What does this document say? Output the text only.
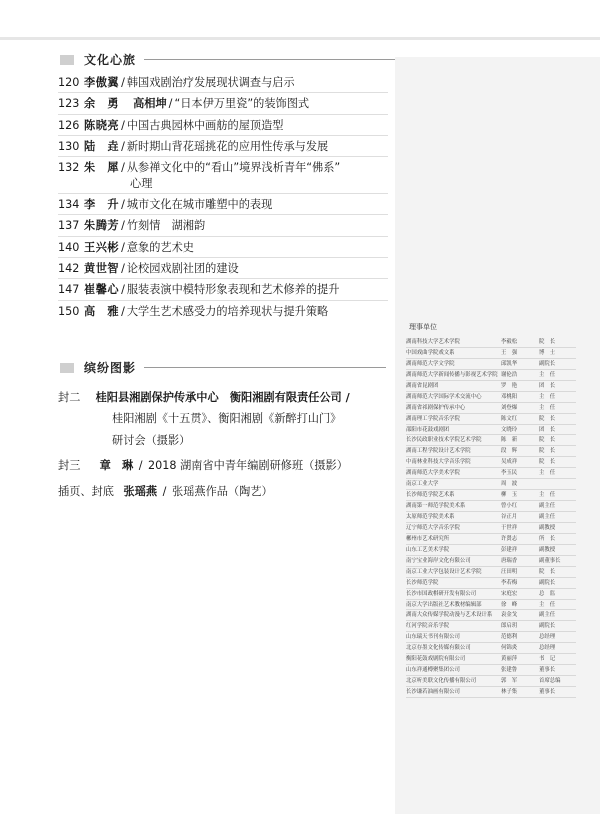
文化心旅
120 李傲翼 / 韩国戏剧治疗发展现状调查与启示
123 余　勇 高相坤 / “日本伊万里瓷”的装饰图式
126 陈晓亮 / 中国古典园林中画舫的屋顶造型
130 陆　垚 / 新时期山背花瑶挑花的应用性传承与发展
132 朱　犀 / 从参禅文化中的“看山”境界浅析青年“佛系”
心理
134 李　升 / 城市文化在城市雕塑中的表现
137 朱腾芳 / 竹刻情　湖湘韵
140 王兴彬 / 意象的艺术史
142 黄世智 / 论校园戏剧社团的建设
147 崔馨心 / 服装表演中模特形象表现和艺术修养的提升
150 高　雅 / 大学生艺术感受力的培养现状与提升策略
缤纷图影
封二 桂阳县湘剧保护传承中心　衡阳湘剧有限责任公司 /
桂阳湘剧《十五贯》、衡阳湘剧《新醉打山门》
研讨会（摄影）
封三 章　琳 / 2018 湖南省中青年编剧研修班（摄影）
插页、封底 张瑶燕 / 张瑶燕作品（陶艺）
理事单位
湖南科技大学艺术学院	李毅松	院　长
中国戏曲学院戏文系	王　强	博　士
湖南师范大学文学院	邱凯华	副院长
湖南师范大学新闻传播与影视艺术学院 谢伦浩	主　任
湖南省昆剧团	罗　艳	团　长
湖南师范大学国际学术交流中心	邓桃阳	主　任
湖南省祁剧保护传承中心	刘登爆	主　任
湖南理工学院音乐学院	陈文红	院　长
邵阳市花鼓戏剧团	文晓玲	团　长
长沙民政职业技术学院艺术学院	陈　新	院　长
湖南工程学院设计艺术学院	段　辉	院　长
中南林业科技大学音乐学院	吴成祥	院　长
湖南师范大学美术学院	李玉民	主　任
南京工业大学	周　波
长沙师范学院艺术系	柳　玉	主　任
湖南第一师范学院美术系	曾小红	副主任
太原师范学院美术系	谷正月	副主任
辽宁师范大学音乐学院	于世祥	副教授
郴州市艺术研究所	许贤志	所　长
山东工艺美术学院	彭建祥	副教授
南宁宝业海岸文化有限公司	唐瑞香	副董事长
南京工业大学包装设计艺术学院	汪田明	院　长
长沙师范学院	李若梅	副院长
长沙市国政棋研开发有限公司	宋庭宏	总　监
南京大学出版社艺术教材编辑部	徐　峰	主　任
湖南大众传媒学院动漫与艺术设计系 袁金戈	副主任
红河学院音乐学院	郎启玥	副院长
山东瑞天书刊有限公司	范德利	总经理
北京存墨文化传媒有限公司	何锦炎	总经理
衡阳花鼓戏剧院有限公司	黄丽萍	书　记
山东祥通樽聚集团公司	张建鲁	董事长
北京听美联文化传播有限公司	郭　军	首席总编
长沙谦若油画有限公司	林子集	董事长
